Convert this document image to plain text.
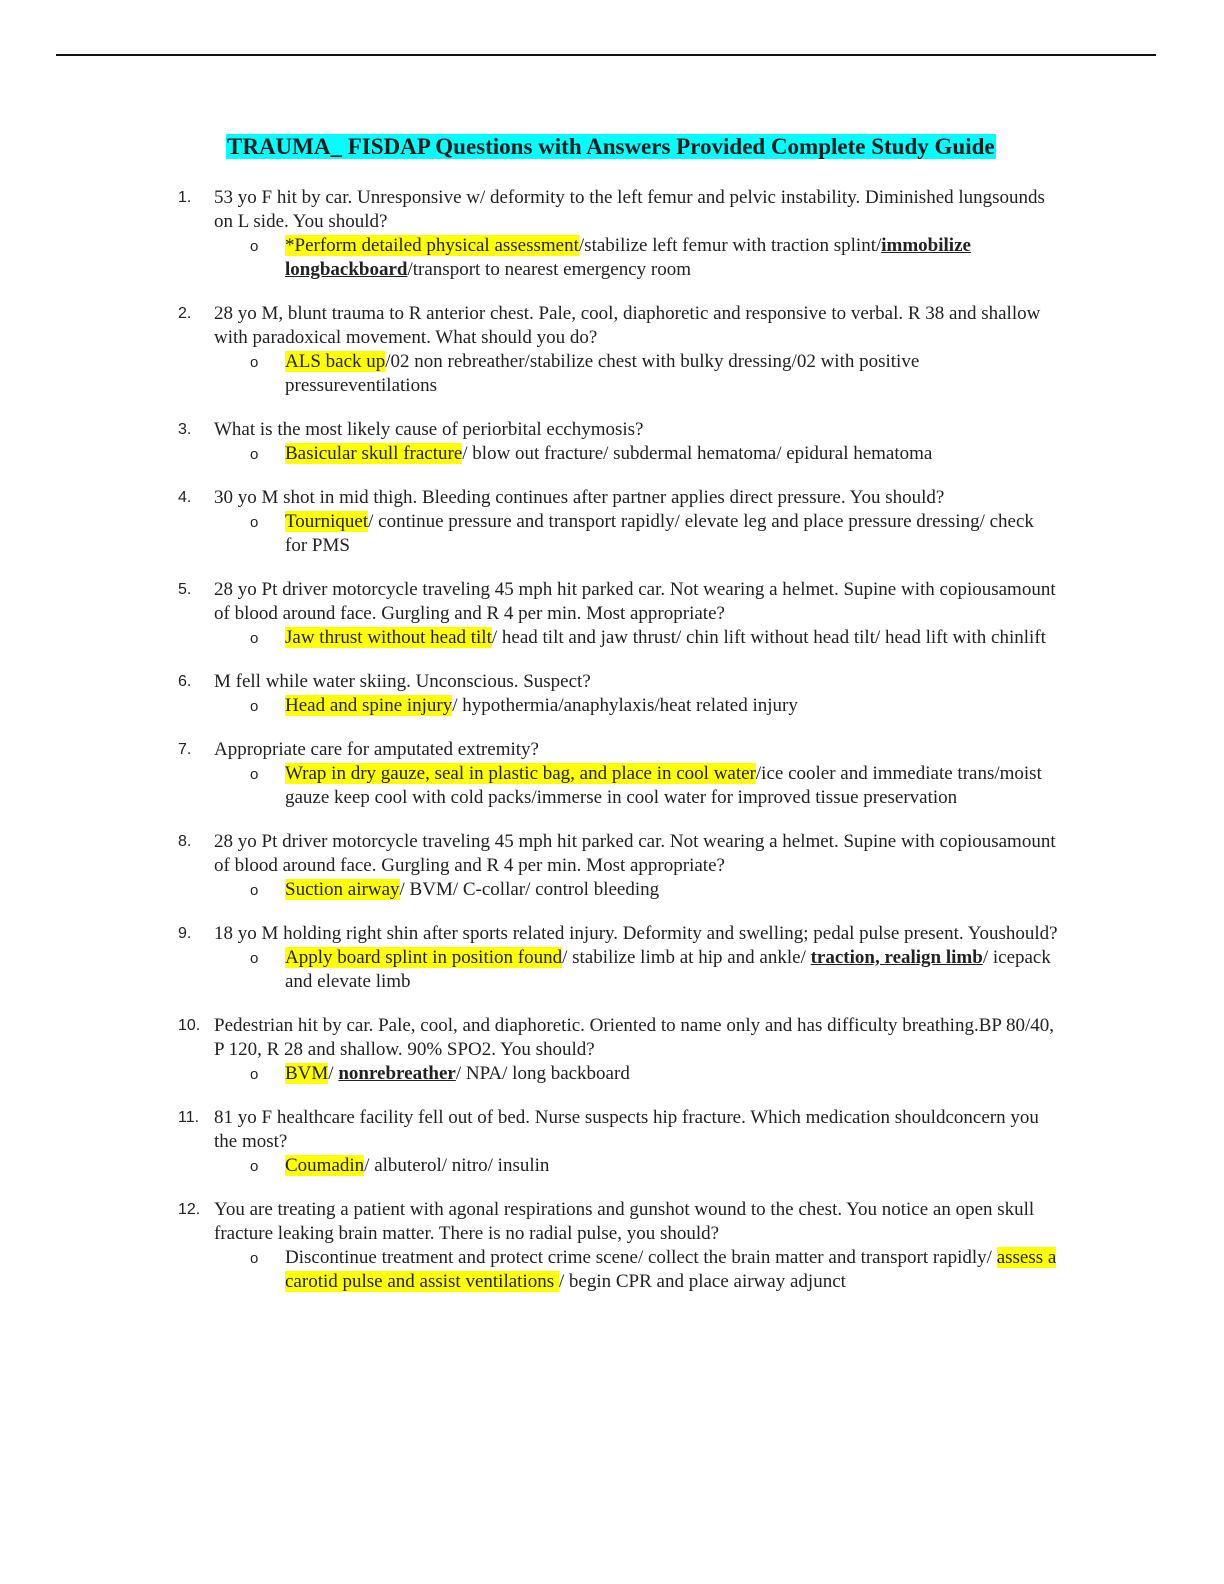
TRAUMA_ FISDAP Questions with Answers Provided Complete Study Guide
1. 53 yo F hit by car. Unresponsive w/ deformity to the left femur and pelvic instability. Diminished lungsounds on L side. You should?
o *Perform detailed physical assessment/stabilize left femur with traction splint/immobilize longbackboard/transport to nearest emergency room
2. 28 yo M, blunt trauma to R anterior chest. Pale, cool, diaphoretic and responsive to verbal. R 38 and shallow with paradoxical movement. What should you do?
o ALS back up/02 non rebreather/stabilize chest with bulky dressing/02 with positive pressureventilations
3. What is the most likely cause of periorbital ecchymosis?
o Basicular skull fracture/ blow out fracture/ subdermal hematoma/ epidural hematoma
4. 30 yo M shot in mid thigh. Bleeding continues after partner applies direct pressure. You should?
o Tourniquet/ continue pressure and transport rapidly/ elevate leg and place pressure dressing/ check for PMS
5. 28 yo Pt driver motorcycle traveling 45 mph hit parked car. Not wearing a helmet. Supine with copiousamount of blood around face. Gurgling and R 4 per min. Most appropriate?
o Jaw thrust without head tilt/ head tilt and jaw thrust/ chin lift without head tilt/ head lift with chinlift
6. M fell while water skiing. Unconscious. Suspect?
o Head and spine injury/ hypothermia/anaphylaxis/heat related injury
7. Appropriate care for amputated extremity?
o Wrap in dry gauze, seal in plastic bag, and place in cool water/ice cooler and immediate trans/moist gauze keep cool with cold packs/immerse in cool water for improved tissue preservation
8. 28 yo Pt driver motorcycle traveling 45 mph hit parked car. Not wearing a helmet. Supine with copiousamount of blood around face. Gurgling and R 4 per min. Most appropriate?
o Suction airway/ BVM/ C-collar/ control bleeding
9. 18 yo M holding right shin after sports related injury. Deformity and swelling; pedal pulse present. Youshould?
o Apply board splint in position found/ stabilize limb at hip and ankle/ traction, realign limb/ icepack and elevate limb
10. Pedestrian hit by car. Pale, cool, and diaphoretic. Oriented to name only and has difficulty breathing.BP 80/40, P 120, R 28 and shallow. 90% SPO2. You should?
o BVM/ nonrebreather/ NPA/ long backboard
11. 81 yo F healthcare facility fell out of bed. Nurse suspects hip fracture. Which medication shouldconcern you the most?
o Coumadin/ albuterol/ nitro/ insulin
12. You are treating a patient with agonal respirations and gunshot wound to the chest. You notice an open skull fracture leaking brain matter. There is no radial pulse, you should?
o Discontinue treatment and protect crime scene/ collect the brain matter and transport rapidly/ assess a carotid pulse and assist ventilations / begin CPR and place airway adjunct
